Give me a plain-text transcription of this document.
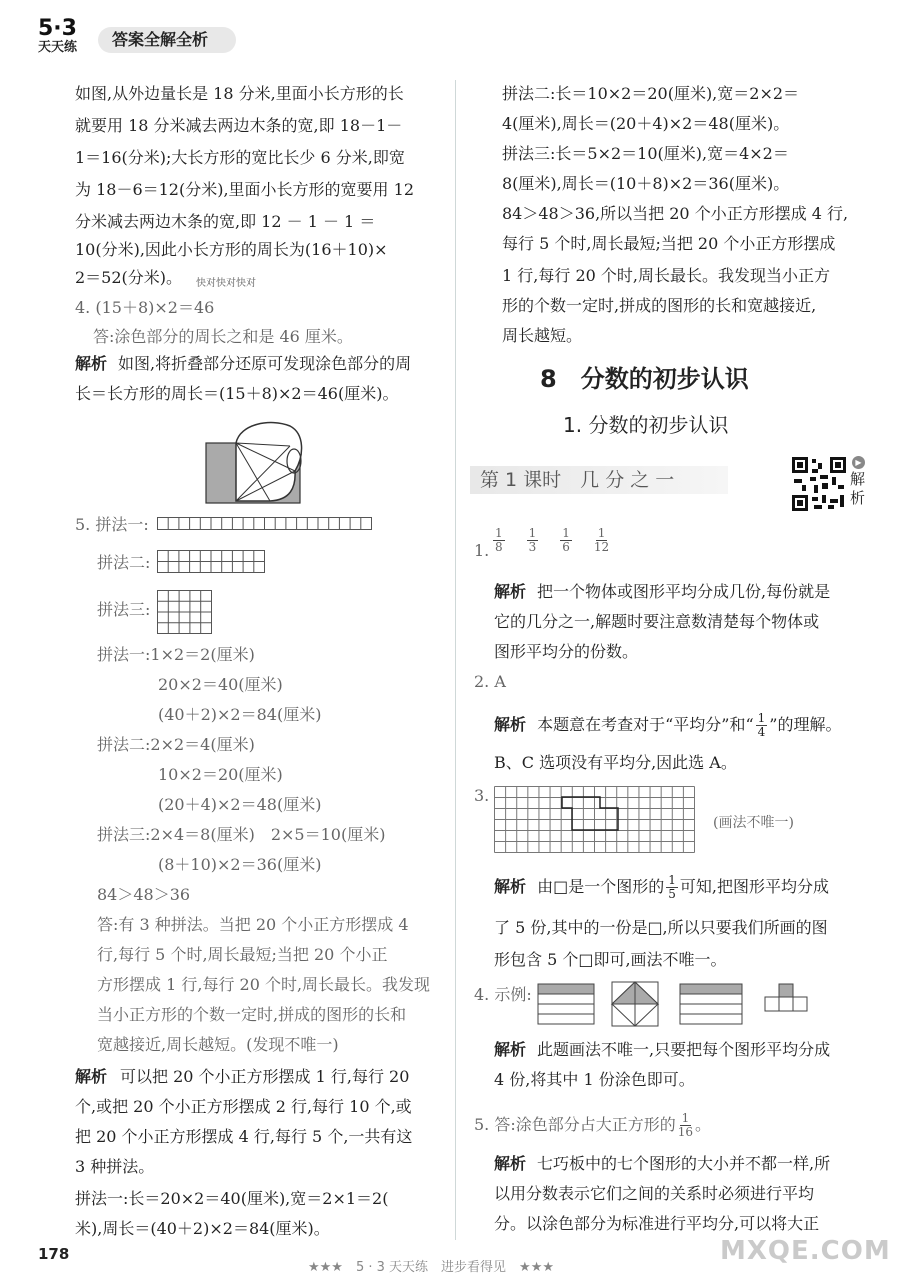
5·3
天天练	答案全解全析
如图,从外边量长是 18 分米,里面小长方形的长
就要用 18 分米减去两边木条的宽,即 18－1－
1＝16(分米);大长方形的宽比长少 6 分米,即宽
为 18－6＝12(分米),里面小长方形的宽要用 12
分米减去两边木条的宽,即 12 － 1 － 1 ＝
10(分米),因此小长方形的周长为(16＋10)×
2＝52(分米)。 快对快对快对
4. (15＋8)×2＝46
答:涂色部分的周长之和是 46 厘米。
解析 如图,将折叠部分还原可发现涂色部分的周
长＝长方形的周长＝(15＋8)×2＝46(厘米)。
5. 拼法一:
拼法二:
拼法三:
拼法一:1×2＝2(厘米)
20×2＝40(厘米)
(40＋2)×2＝84(厘米)
拼法二:2×2＝4(厘米)
10×2＝20(厘米)
(20＋4)×2＝48(厘米)
拼法三:2×4＝8(厘米)　2×5＝10(厘米)
(8＋10)×2＝36(厘米)
84＞48＞36
答:有 3 种拼法。当把 20 个小正方形摆成 4
行,每行 5 个时,周长最短;当把 20 个小正
方形摆成 1 行,每行 20 个时,周长最长。我发现
当小正方形的个数一定时,拼成的图形的长和
宽越接近,周长越短。(发现不唯一)
解析 可以把 20 个小正方形摆成 1 行,每行 20
个,或把 20 个小正方形摆成 2 行,每行 10 个,或
把 20 个小正方形摆成 4 行,每行 5 个,一共有这
3 种拼法。
拼法一:长＝20×2＝40(厘米),宽＝2×1＝2(
米),周长＝(40＋2)×2＝84(厘米)。
拼法二:长＝10×2＝20(厘米),宽＝2×2＝
4(厘米),周长＝(20＋4)×2＝48(厘米)。
拼法三:长＝5×2＝10(厘米),宽＝4×2＝
8(厘米),周长＝(10＋8)×2＝36(厘米)。
84＞48＞36,所以当把 20 个小正方形摆成 4 行,
每行 5 个时,周长最短;当把 20 个小正方形摆成
1 行,每行 20 个时,周长最长。我发现当小正方
形的个数一定时,拼成的图形的长和宽越接近,
周长越短。
8　分数的初步认识
1. 分数的初步认识
第 1 课时　几 分 之 一
▶
解析
1. $\frac{1}{8} \frac{1}{3} \frac{1}{6} \frac{1}{12}$
解析 把一个物体或图形平均分成几份,每份就是
它的几分之一,解题时要注意数清楚每个物体或
图形平均分的份数。
2. A
解析 本题意在考查对于“平均分”和“ $\frac{1}{4}$ ”的理解。
B、C 选项没有平均分,因此选 A。
3.
(画法不唯一)
解析 由□是一个图形的 $\frac{1}{5}$ 可知,把图形平均分成
了 5 份,其中的一份是□,所以只要我们所画的图
形包含 5 个□即可,画法不唯一。
4. 示例:
解析 此题画法不唯一,只要把每个图形平均分成
4 份,将其中 1 份涂色即可。
5. 答:涂色部分占大正方形的 $\frac{1}{16}$ 。
解析 七巧板中的七个图形的大小并不都一样,所
以用分数表示它们之间的关系时必须进行平均
分。以涂色部分为标准进行平均分,可以将大正
178
★★★　5 · 3 天天练　进步看得见　★★★
MXQE.COM
